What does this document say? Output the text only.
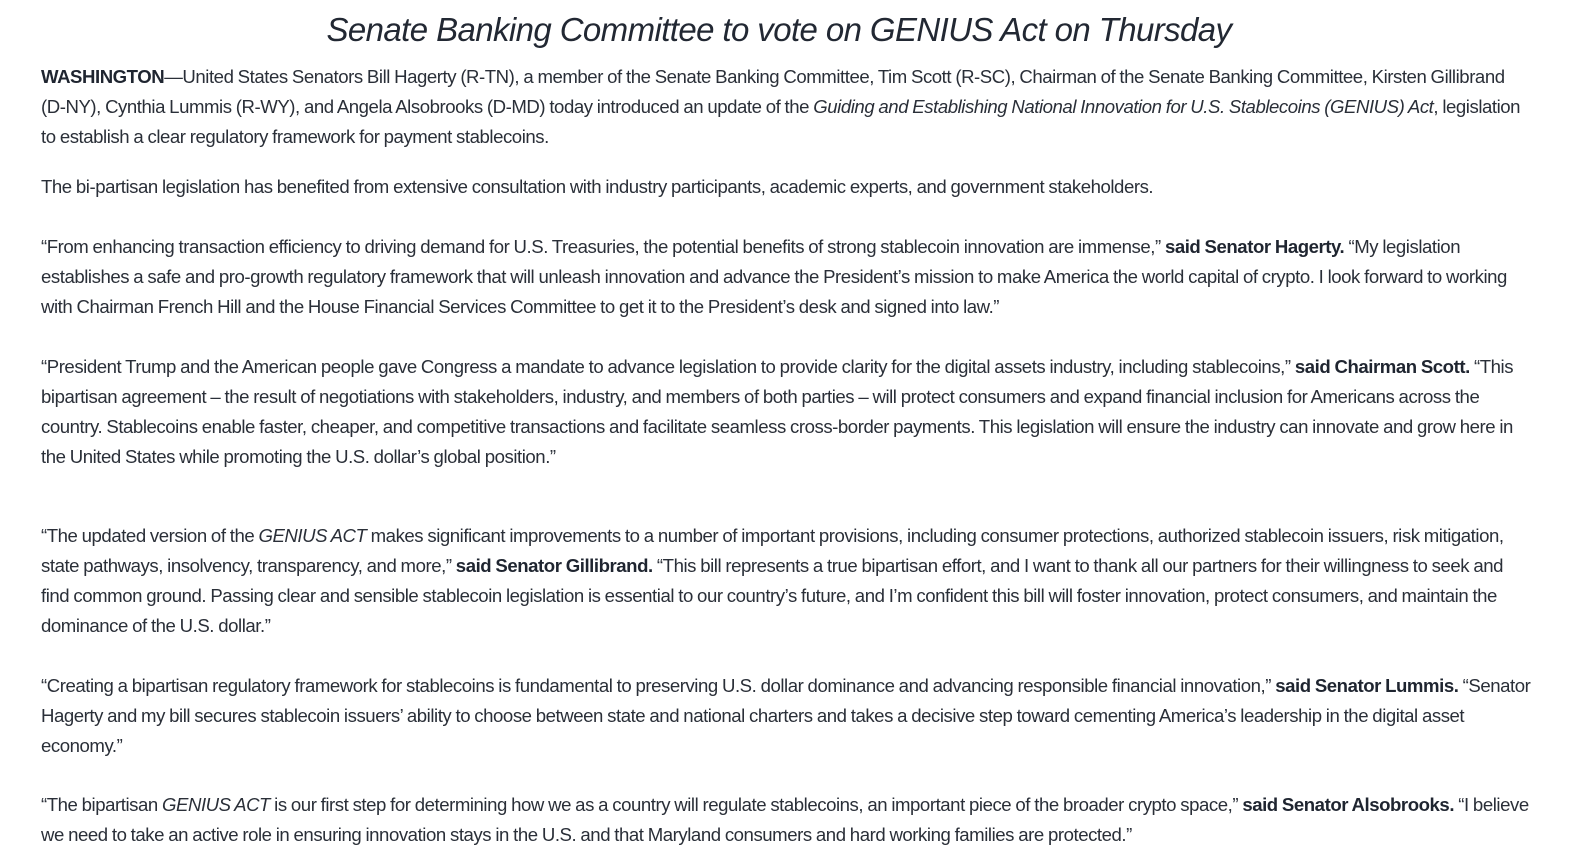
Senate Banking Committee to vote on GENIUS Act on Thursday

WASHINGTON—United States Senators Bill Hagerty (R-TN), a member of the Senate Banking Committee, Tim Scott (R-SC), Chairman of the Senate Banking Committee, Kirsten Gillibrand (D-NY), Cynthia Lummis (R-WY), and Angela Alsobrooks (D-MD) today introduced an update of the Guiding and Establishing National Innovation for U.S. Stablecoins (GENIUS) Act, legislation to establish a clear regulatory framework for payment stablecoins.

The bi-partisan legislation has benefited from extensive consultation with industry participants, academic experts, and government stakeholders.

“From enhancing transaction efficiency to driving demand for U.S. Treasuries, the potential benefits of strong stablecoin innovation are immense,” said Senator Hagerty. “My legislation establishes a safe and pro-growth regulatory framework that will unleash innovation and advance the President’s mission to make America the world capital of crypto. I look forward to working with Chairman French Hill and the House Financial Services Committee to get it to the President’s desk and signed into law.”

“President Trump and the American people gave Congress a mandate to advance legislation to provide clarity for the digital assets industry, including stablecoins,” said Chairman Scott. “This bipartisan agreement – the result of negotiations with stakeholders, industry, and members of both parties – will protect consumers and expand financial inclusion for Americans across the country. Stablecoins enable faster, cheaper, and competitive transactions and facilitate seamless cross-border payments. This legislation will ensure the industry can innovate and grow here in the United States while promoting the U.S. dollar’s global position.”

“The updated version of the GENIUS ACT makes significant improvements to a number of important provisions, including consumer protections, authorized stablecoin issuers, risk mitigation, state pathways, insolvency, transparency, and more,” said Senator Gillibrand. “This bill represents a true bipartisan effort, and I want to thank all our partners for their willingness to seek and find common ground. Passing clear and sensible stablecoin legislation is essential to our country’s future, and I’m confident this bill will foster innovation, protect consumers, and maintain the dominance of the U.S. dollar.”

“Creating a bipartisan regulatory framework for stablecoins is fundamental to preserving U.S. dollar dominance and advancing responsible financial innovation,” said Senator Lummis. “Senator Hagerty and my bill secures stablecoin issuers’ ability to choose between state and national charters and takes a decisive step toward cementing America’s leadership in the digital asset economy.”

“The bipartisan GENIUS ACT is our first step for determining how we as a country will regulate stablecoins, an important piece of the broader crypto space,” said Senator Alsobrooks. “I believe we need to take an active role in ensuring innovation stays in the U.S. and that Maryland consumers and hard working families are protected.”
